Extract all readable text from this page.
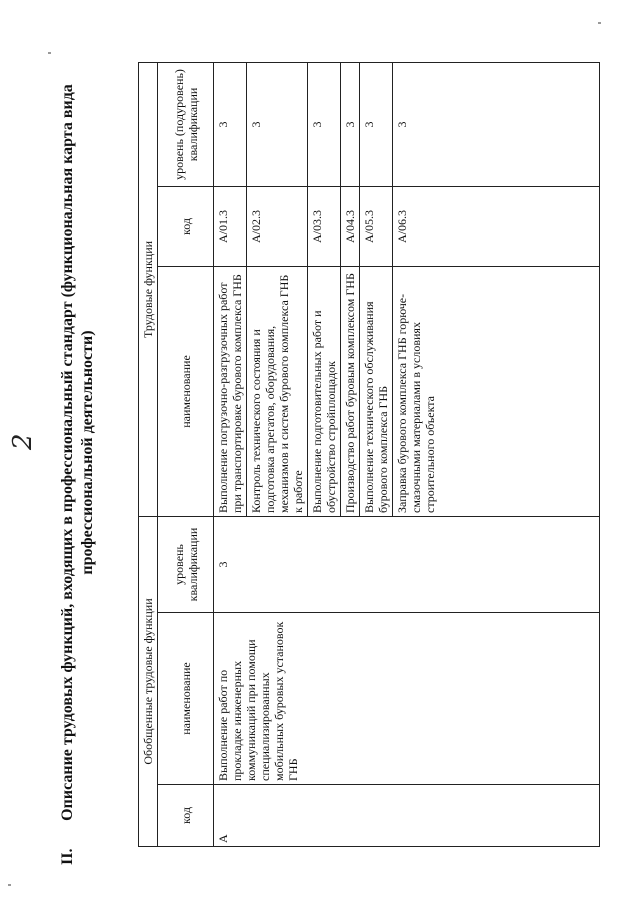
2
II.
Описание трудовых функций, входящих в профессиональный стандарт (функциональная карта вида профессиональной деятельности)
Обобщенные трудовые функции			Трудовые функции		
код	наименование	уровень квалификации	наименование	код	уровень (подуровень) квалификации
A	Выполнение работ по прокладке инженерных коммуникаций при помощи специализированных мобильных буровых установок ГНБ	3	Выполнение погрузочно-разгрузочных работ при транспортировке бурового комплекса ГНБ	A/01.3	3
			Контроль технического состояния и подготовка агрегатов, оборудования, механизмов и систем бурового комплекса ГНБ к работе	A/02.3	3
			Выполнение подготовительных работ и обустройство стройплощадок	A/03.3	3
			Производство работ буровым комплексом ГНБ	A/04.3	3
			Выполнение технического обслуживания бурового комплекса ГНБ	A/05.3	3
			Заправка бурового комплекса ГНБ горюче-смазочными материалами в условиях строительного объекта	A/06.3	3
